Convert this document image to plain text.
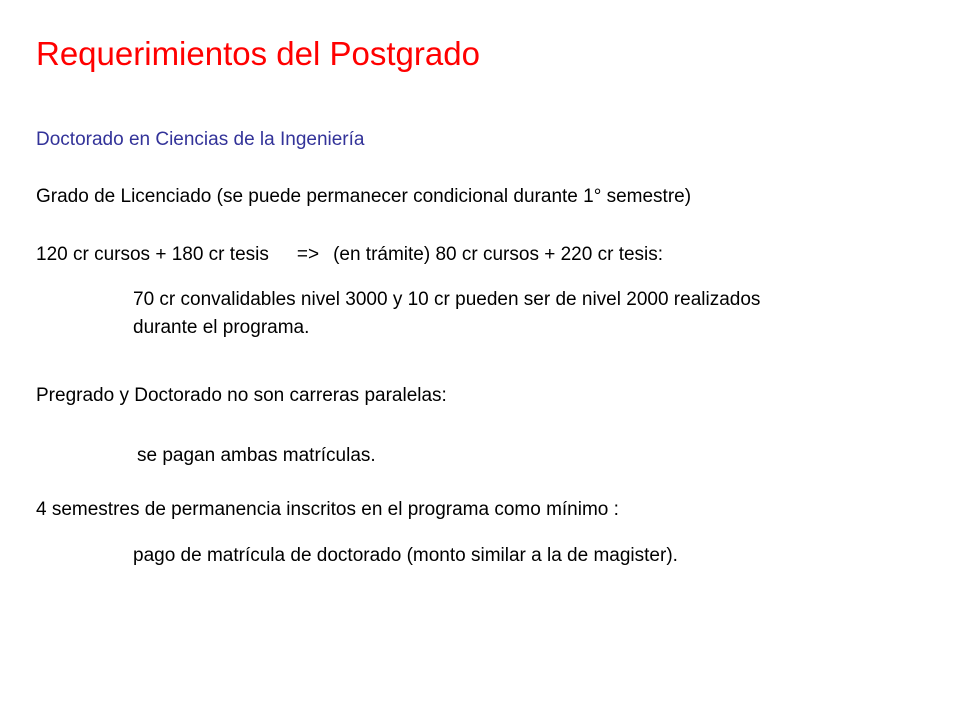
Requerimientos del Postgrado
Doctorado en Ciencias de la Ingeniería
Grado de Licenciado (se puede permanecer condicional durante 1° semestre)
120 cr cursos + 180 cr tesis => (en trámite) 80 cr cursos + 220 cr tesis:
70 cr convalidables nivel 3000 y 10 cr pueden ser de nivel 2000 realizados
durante el programa.
Pregrado y Doctorado no son carreras paralelas:
se pagan ambas matrículas.
4 semestres de permanencia inscritos en el programa como mínimo :
pago de matrícula de doctorado (monto similar a la de magister).
